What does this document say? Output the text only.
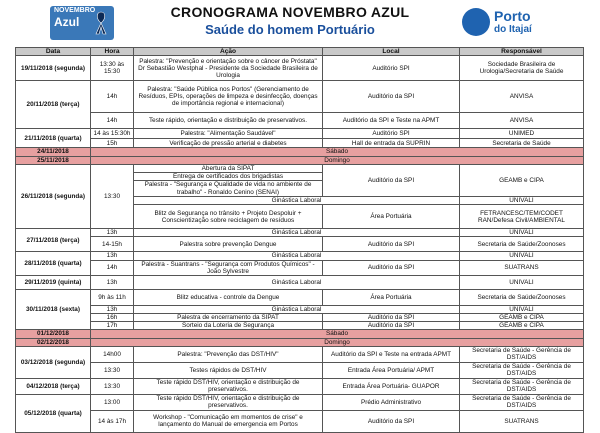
NOVEMBRO
Azul
CRONOGRAMA NOVEMBRO AZUL
Saúde do homem Portuário
Porto
do Itajaí
Data	Hora	Ação	Local	Responsável
19/11/2018 (segunda)	13:30 às 15:30	Palestra: "Prevenção e orientação sobre o câncer de Próstata" Dr Sebastião Westphal - Presidente da Sociedade Brasileira de Urologia	Auditório SPI	Sociedade Brasileira de Urologia/Secretaria de Saúde
20/11/2018 (terça)	14h	Palestra: "Saúde Pública nos Portos" (Gerenciamento de Resíduos, EPIs, operações de limpeza e desinfecção, doenças de importância regional e internacional)	Auditório da SPI	ANVISA
	14h	Teste rápido, orientação e distribuição de preservativos.	Auditório da SPI e Teste na APMT	ANVISA
21/11/2018 (quarta)	14 às 15:30h	Palestra: "Alimentação Saudável"	Auditório SPI	UNIMED
	15h	Verificação de pressão arterial e diabetes	Hall de entrada da SUPRIN	Secretaria de Saúde
24/11/2018	Sábado			
25/11/2018	Domingo			
26/11/2018 (segunda)	13:30	Abertura da SIPAT	Auditório da SPI	GEAMB e CIPA
		Entrega de certificados dos brigadistas		
		Palestra - "Segurança e Qualidade de vida no ambiente de trabalho" - Ronaldo Cenino (SENAI)		
		Ginástica Laboral		UNIVALI
		Blitz de Segurança no trânsito + Projeto Despoluir + Conscientização sobre reciclagem de resíduos	Área Portuária	FETRANCESC/TEM/CODET RAN/Defesa Civil/AMBIENTAL
27/11/2018 (terça)	13h	Ginástica Laboral		UNIVALI
	14-15h	Palestra sobre prevenção Dengue	Auditório da SPI	Secretaria de Saúde/Zoonoses
28/11/2018 (quarta)	13h	Ginástica Laboral		UNIVALI
	14h	Palestra - Suantrans - "Segurança com Produtos Químicos" - João Sylvestre	Auditório da SPI	SUATRANS
29/11/2019 (quinta)	13h	Ginástica Laboral		UNIVALI
30/11/2018 (sexta)	9h às 11h	Blitz educativa - controle da Dengue	Área Portuária	Secretaria de Saúde/Zoonoses
	13h	Ginástica Laboral		UNIVALI
	16h	Palestra de encerramento da SIPAT	Auditório da SPI	GEAMB e CIPA
	17h	Sorteio da Loteria de Segurança	Auditório da SPI	GEAMB e CIPA
01/12/2018	Sábado			
02/12/2018	Domingo			
03/12/2018 (segunda)	14h00	Palestra: "Prevenção das DST/HIV"	Auditório da SPI e Teste na entrada APMT	Secretaria de Saúde - Gerência de DST/AIDS
	13:30	Testes rápidos de DST/HIV	Entrada Área Portuária/ APMT	Secretaria de Saúde - Gerência de DST/AIDS
04/12/2018 (terça)	13:30	Teste rápido DST/HIV, orientação e distribuição de preservativos.	Entrada Área Portuária- GUAPOR	Secretaria de Saúde - Gerência de DST/AIDS
05/12/2018 (quarta)	13:00	Teste rápido DST/HIV, orientação e distribuição de preservativos.	Prédio Administrativo	Secretaria de Saúde - Gerência de DST/AIDS
	14 às 17h	Workshop - "Comunicação em momentos de crise" e lançamento do Manual de emergencia em Portos	Auditório da SPI	SUATRANS
